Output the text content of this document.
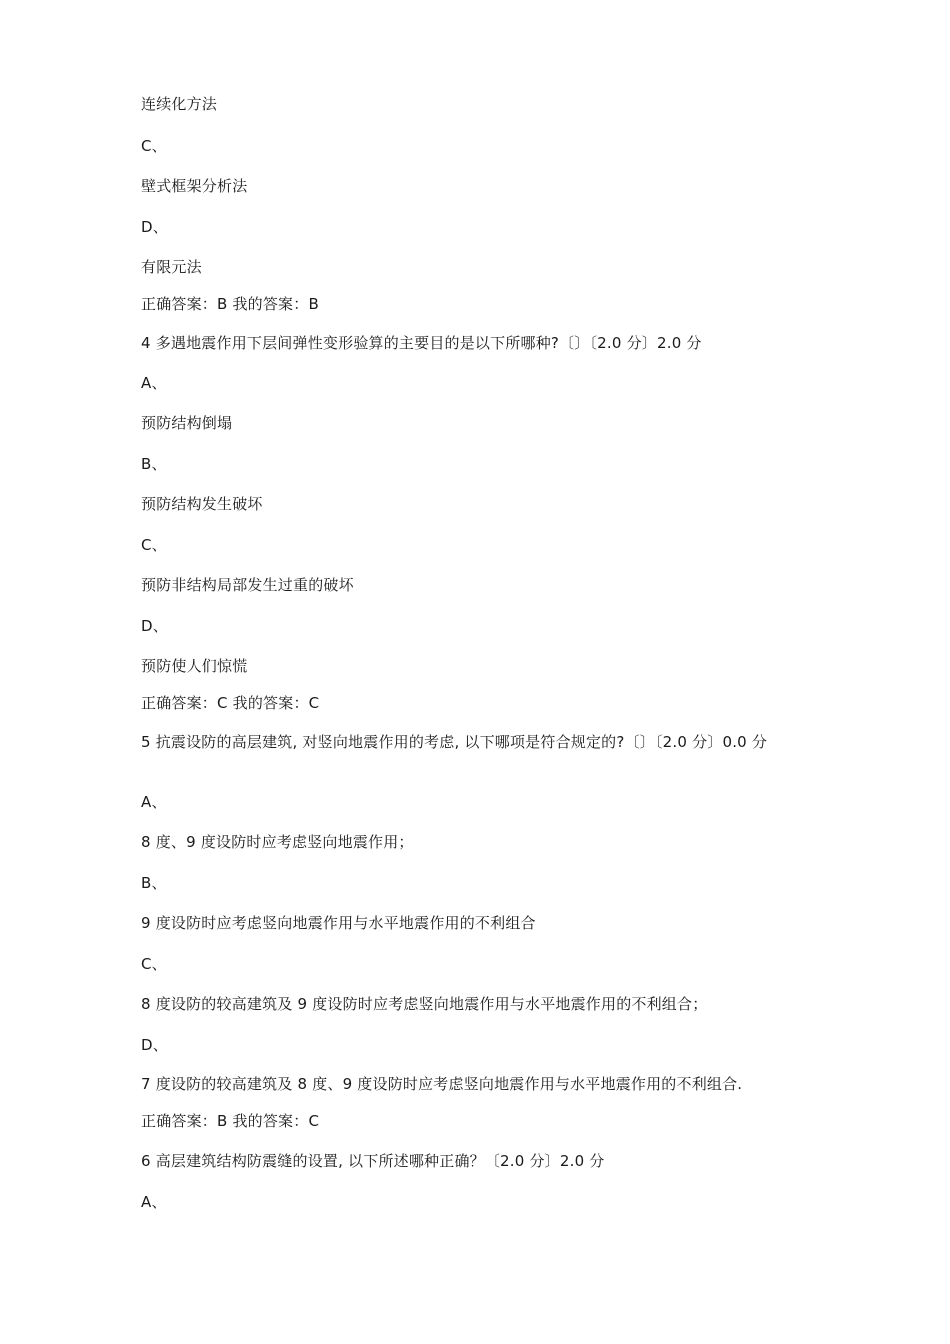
连续化方法
C、
壁式框架分析法
D、
有限元法
正确答案：B 我的答案：B
4 多遇地震作用下层间弹性变形验算的主要目的是以下所哪种?〔〕〔2.0 分〕2.0 分
A、
预防结构倒塌
B、
预防结构发生破坏
C、
预防非结构局部发生过重的破坏
D、
预防使人们惊慌
正确答案：C 我的答案：C
5 抗震设防的高层建筑, 对竖向地震作用的考虑, 以下哪项是符合规定的?〔〕〔2.0 分〕0.0 分
A、
8 度、9 度设防时应考虑竖向地震作用；
B、
9 度设防时应考虑竖向地震作用与水平地震作用的不利组合
C、
8 度设防的较高建筑及 9 度设防时应考虑竖向地震作用与水平地震作用的不利组合；
D、
7 度设防的较高建筑及 8 度、9 度设防时应考虑竖向地震作用与水平地震作用的不利组合.
正确答案：B 我的答案：C
6 高层建筑结构防震缝的设置, 以下所述哪种正确？〔2.0 分〕2.0 分
A、
